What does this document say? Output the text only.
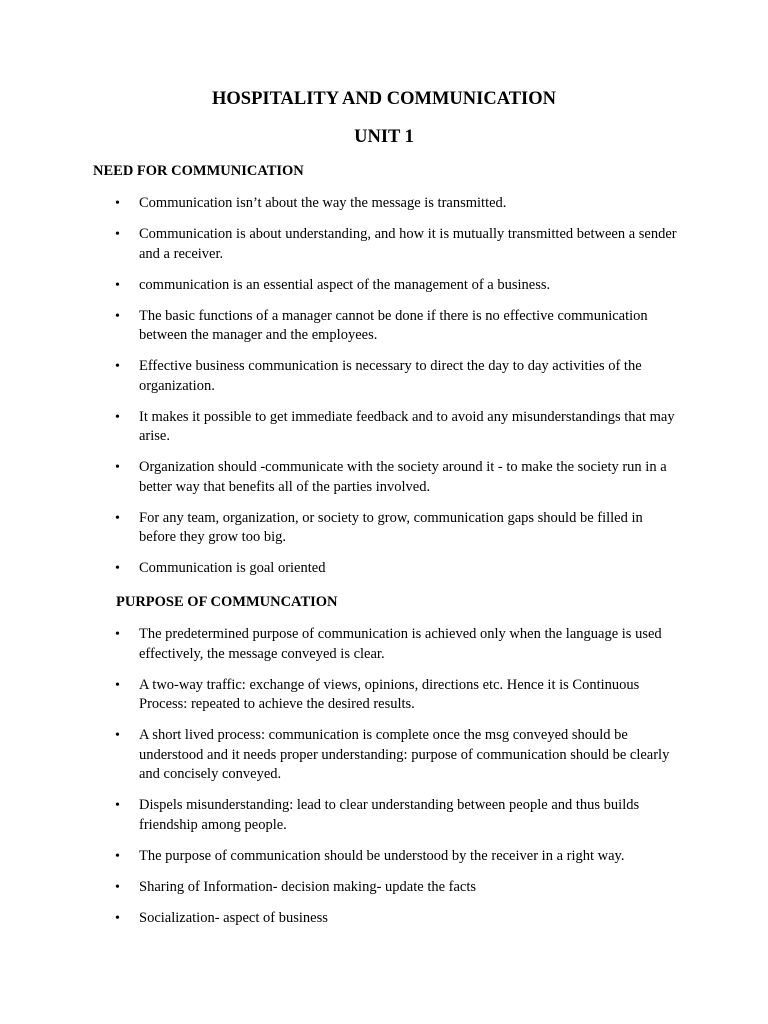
HOSPITALITY AND COMMUNICATION
UNIT 1
NEED FOR COMMUNICATION
• Communication isn’t about the way the message is transmitted.
• Communication is about understanding, and how it is mutually transmitted between a sender and a receiver.
• communication is an essential aspect of the management of a business.
• The basic functions of a manager cannot be done if there is no effective communication between the manager and the employees.
• Effective business communication is necessary to direct the day to day activities of the organization.
• It makes it possible to get immediate feedback and to avoid any misunderstandings that may arise.
• Organization should -communicate with the society around it - to make the society run in a better way that benefits all of the parties involved.
• For any team, organization, or society to grow, communication gaps should be filled in before they grow too big.
• Communication is goal oriented
PURPOSE OF COMMUNCATION
• The predetermined purpose of communication is achieved only when the language is used effectively, the message conveyed is clear.
• A two-way traffic: exchange of views, opinions, directions etc. Hence it is Continuous Process: repeated to achieve the desired results.
• A short lived process: communication is complete once the msg conveyed should be understood and it needs proper understanding: purpose of communication should be clearly and concisely conveyed.
• Dispels misunderstanding: lead to clear understanding between people and thus builds friendship among people.
• The purpose of communication should be understood by the receiver in a right way.
• Sharing of Information- decision making- update the facts
• Socialization- aspect of business
